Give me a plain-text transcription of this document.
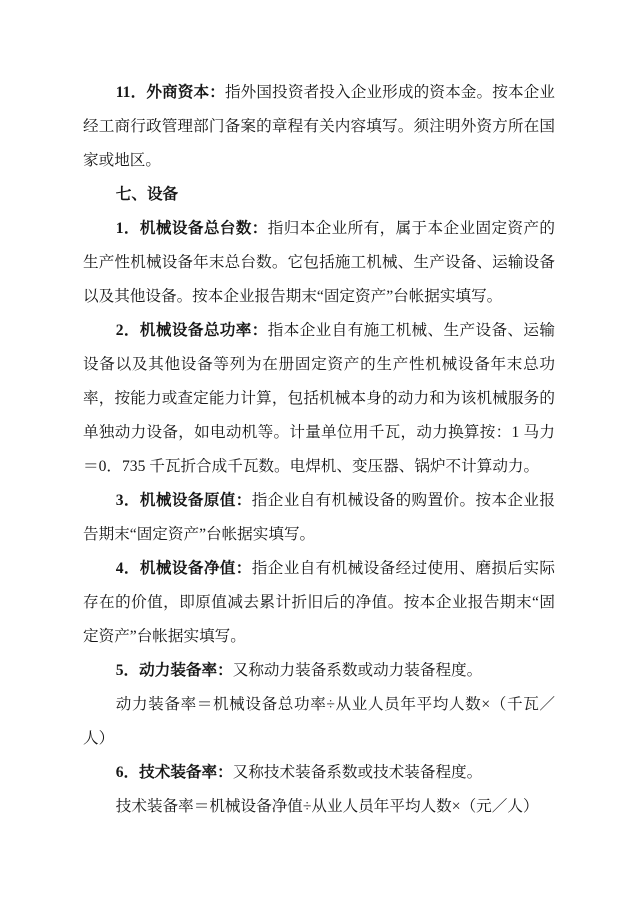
11．外商资本：指外国投资者投入企业形成的资本金。按本企业经工商行政管理部门备案的章程有关内容填写。须注明外资方所在国家或地区。

七、设备

1．机械设备总台数：指归本企业所有，属于本企业固定资产的生产性机械设备年末总台数。它包括施工机械、生产设备、运输设备以及其他设备。按本企业报告期末“固定资产”台帐据实填写。

2．机械设备总功率：指本企业自有施工机械、生产设备、运输设备以及其他设备等列为在册固定资产的生产性机械设备年末总功率，按能力或查定能力计算，包括机械本身的动力和为该机械服务的单独动力设备，如电动机等。计量单位用千瓦，动力换算按：1 马力＝0．735 千瓦折合成千瓦数。电焊机、变压器、锅炉不计算动力。

3．机械设备原值：指企业自有机械设备的购置价。按本企业报告期末“固定资产”台帐据实填写。

4．机械设备净值：指企业自有机械设备经过使用、磨损后实际存在的价值，即原值减去累计折旧后的净值。按本企业报告期末“固定资产”台帐据实填写。

5．动力装备率：又称动力装备系数或动力装备程度。

动力装备率＝机械设备总功率÷从业人员年平均人数×（千瓦／人）

6．技术装备率：又称技术装备系数或技术装备程度。

技术装备率＝机械设备净值÷从业人员年平均人数×（元／人）
